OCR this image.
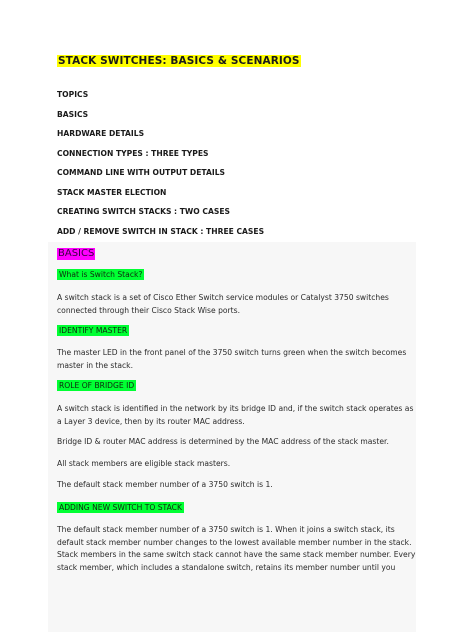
STACK SWITCHES: BASICS & SCENARIOS
TOPICS
BASICS
HARDWARE DETAILS
CONNECTION TYPES : THREE TYPES
COMMAND LINE WITH OUTPUT DETAILS
STACK MASTER ELECTION
CREATING SWITCH STACKS : TWO CASES
ADD / REMOVE SWITCH IN STACK : THREE CASES
BASICS
What is Switch Stack?
A switch stack is a set of Cisco Ether Switch service modules or Catalyst 3750 switches connected through their Cisco Stack Wise ports.
IDENTIFY MASTER
The master LED in the front panel of the 3750 switch turns green when the switch becomes master in the stack.
ROLE OF BRIDGE ID
A switch stack is identified in the network by its bridge ID and, if the switch stack operates as a Layer 3 device, then by its router MAC address.
Bridge ID & router MAC address is determined by the MAC address of the stack master.
All stack members are eligible stack masters.
The default stack member number of a 3750 switch is 1.
ADDING NEW SWITCH TO STACK
The default stack member number of a 3750 switch is 1. When it joins a switch stack, its default stack member number changes to the lowest available member number in the stack. Stack members in the same switch stack cannot have the same stack member number. Every stack member, which includes a standalone switch, retains its member number until you
